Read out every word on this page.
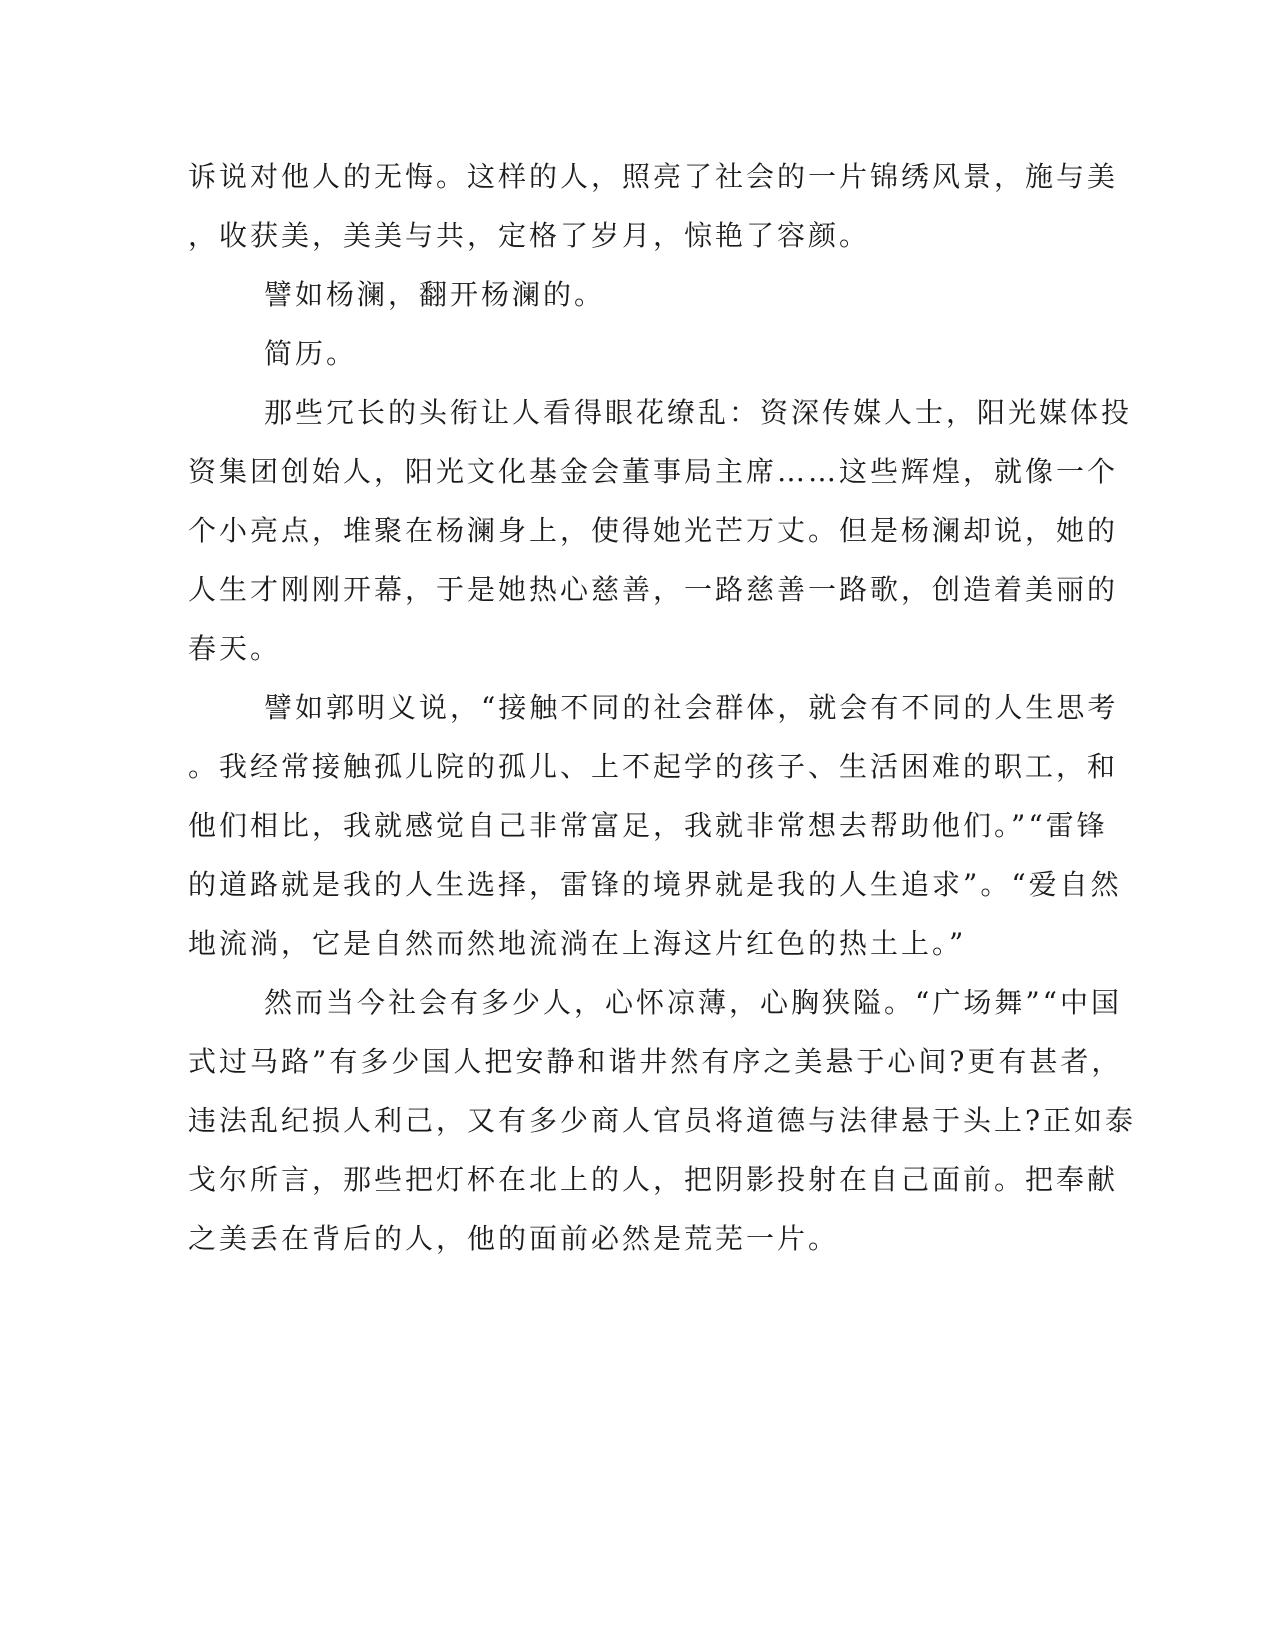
诉说对他人的无悔。这样的人，照亮了社会的一片锦绣风景，施与美
，收获美，美美与共，定格了岁月，惊艳了容颜。
譬如杨澜，翻开杨澜的。
简历。
那些冗长的头衔让人看得眼花缭乱：资深传媒人士，阳光媒体投
资集团创始人，阳光文化基金会董事局主席……这些辉煌，就像一个
个小亮点，堆聚在杨澜身上，使得她光芒万丈。但是杨澜却说，她的
人生才刚刚开幕，于是她热心慈善，一路慈善一路歌，创造着美丽的
春天。
譬如郭明义说，“接触不同的社会群体，就会有不同的人生思考
。我经常接触孤儿院的孤儿、上不起学的孩子、生活困难的职工，和
他们相比，我就感觉自己非常富足，我就非常想去帮助他们。”“雷锋
的道路就是我的人生选择，雷锋的境界就是我的人生追求”。“爱自然
地流淌，它是自然而然地流淌在上海这片红色的热土上。”
然而当今社会有多少人，心怀凉薄，心胸狭隘。“广场舞”“中国
式过马路”有多少国人把安静和谐井然有序之美悬于心间?更有甚者，
违法乱纪损人利己，又有多少商人官员将道德与法律悬于头上?正如泰
戈尔所言，那些把灯杯在北上的人，把阴影投射在自己面前。把奉献
之美丢在背后的人，他的面前必然是荒芜一片。
